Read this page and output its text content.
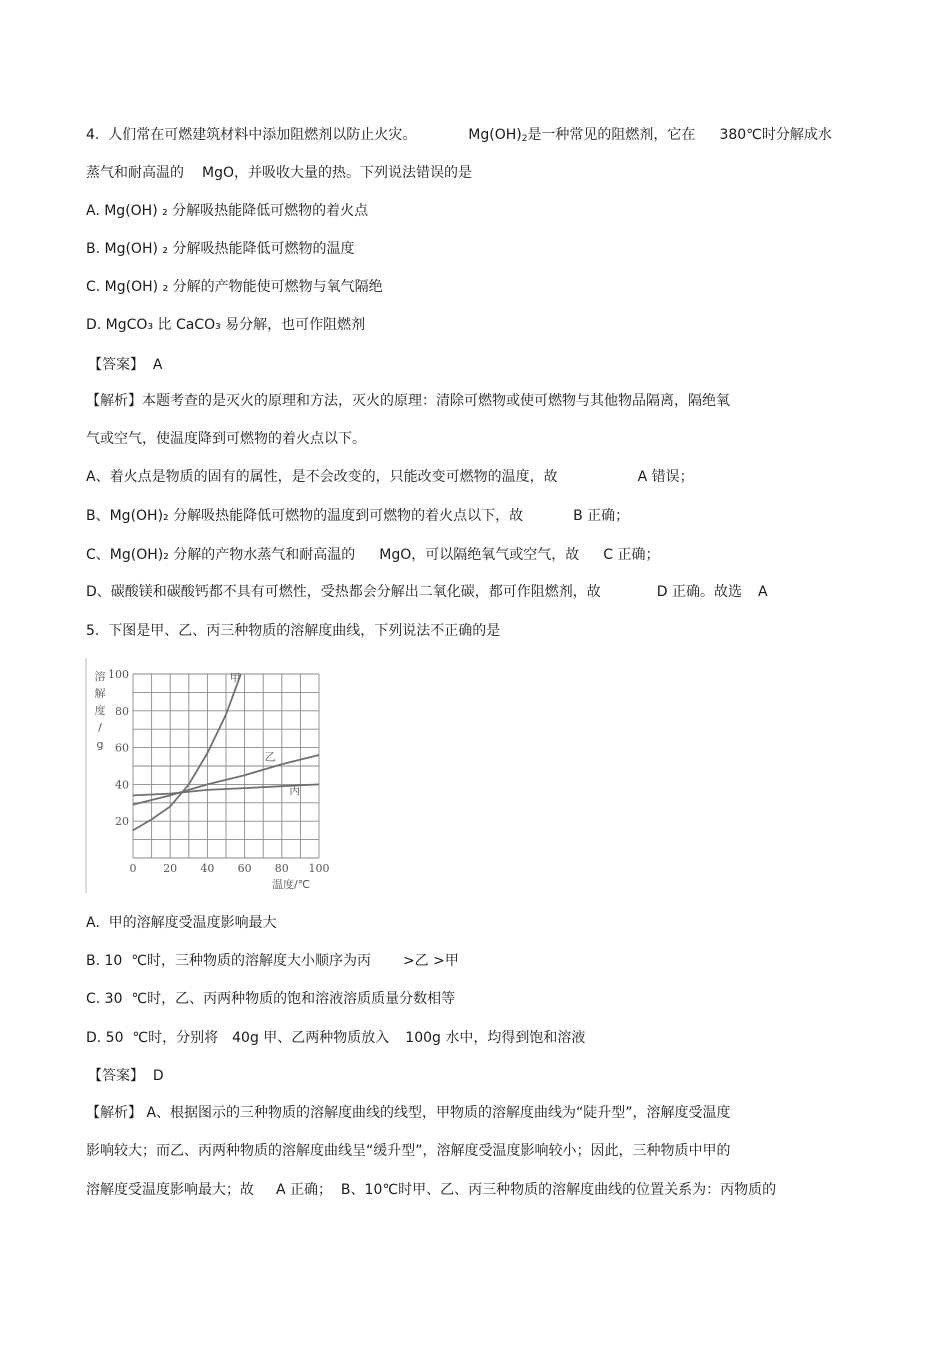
4.  人们常在可燃建筑材料中添加阻燃剂以防止火灾。	$Mg(OH)_2$是一种常见的阻燃剂，它在 380℃时分解成水
蒸气和耐高温的 MgO，并吸收大量的热。下列说法错误的是
A. Mg(OH) ₂ 分解吸热能降低可燃物的着火点
B. Mg(OH) ₂ 分解吸热能降低可燃物的温度
C. Mg(OH) ₂ 分解的产物能使可燃物与氧气隔绝
D. MgCO₃ 比 CaCO₃ 易分解，也可作阻燃剂
【答案】  A
【解析】本题考查的是灭火的原理和方法，灭火的原理：清除可燃物或使可燃物与其他物品隔离，隔绝氧
气或空气，使温度降到可燃物的着火点以下。
A、着火点是物质的固有的属性，是不会改变的，只能改变可燃物的温度，故	A 错误；
B、Mg(OH)₂ 分解吸热能降低可燃物的温度到可燃物的着火点以下，故	B 正确；
C、Mg(OH)₂ 分解的产物水蒸气和耐高温的 MgO，可以隔绝氧气或空气，故 C 正确；
D、碳酸镁和碳酸钙都不具有可燃性，受热都会分解出二氧化碳，都可作阻燃剂，故	D 正确。故选 A
5.  下图是甲、乙、丙三种物质的溶解度曲线，下列说法不正确的是
0 20 40 60 80 100
20
40
60
80
100
溶
解
度
/
g
温度/℃
甲
乙
丙
A.  甲的溶解度受温度影响最大
B. 10  ℃时，三种物质的溶解度大小顺序为丙 >乙 >甲
C. 30  ℃时，乙、丙两种物质的饱和溶液溶质质量分数相等
D. 50  ℃时，分别将 40g 甲、乙两种物质放入 100g 水中，均得到饱和溶液
【答案】  D
【解析】 A、根据图示的三种物质的溶解度曲线的线型，甲物质的溶解度曲线为“陡升型”，溶解度受温度
影响较大；而乙、丙两种物质的溶解度曲线呈“缓升型”，溶解度受温度影响较小；因此，三种物质中甲的
溶解度受温度影响最大；故 A 正确；  B、10℃时甲、乙、丙三种物质的溶解度曲线的位置关系为：丙物质的
